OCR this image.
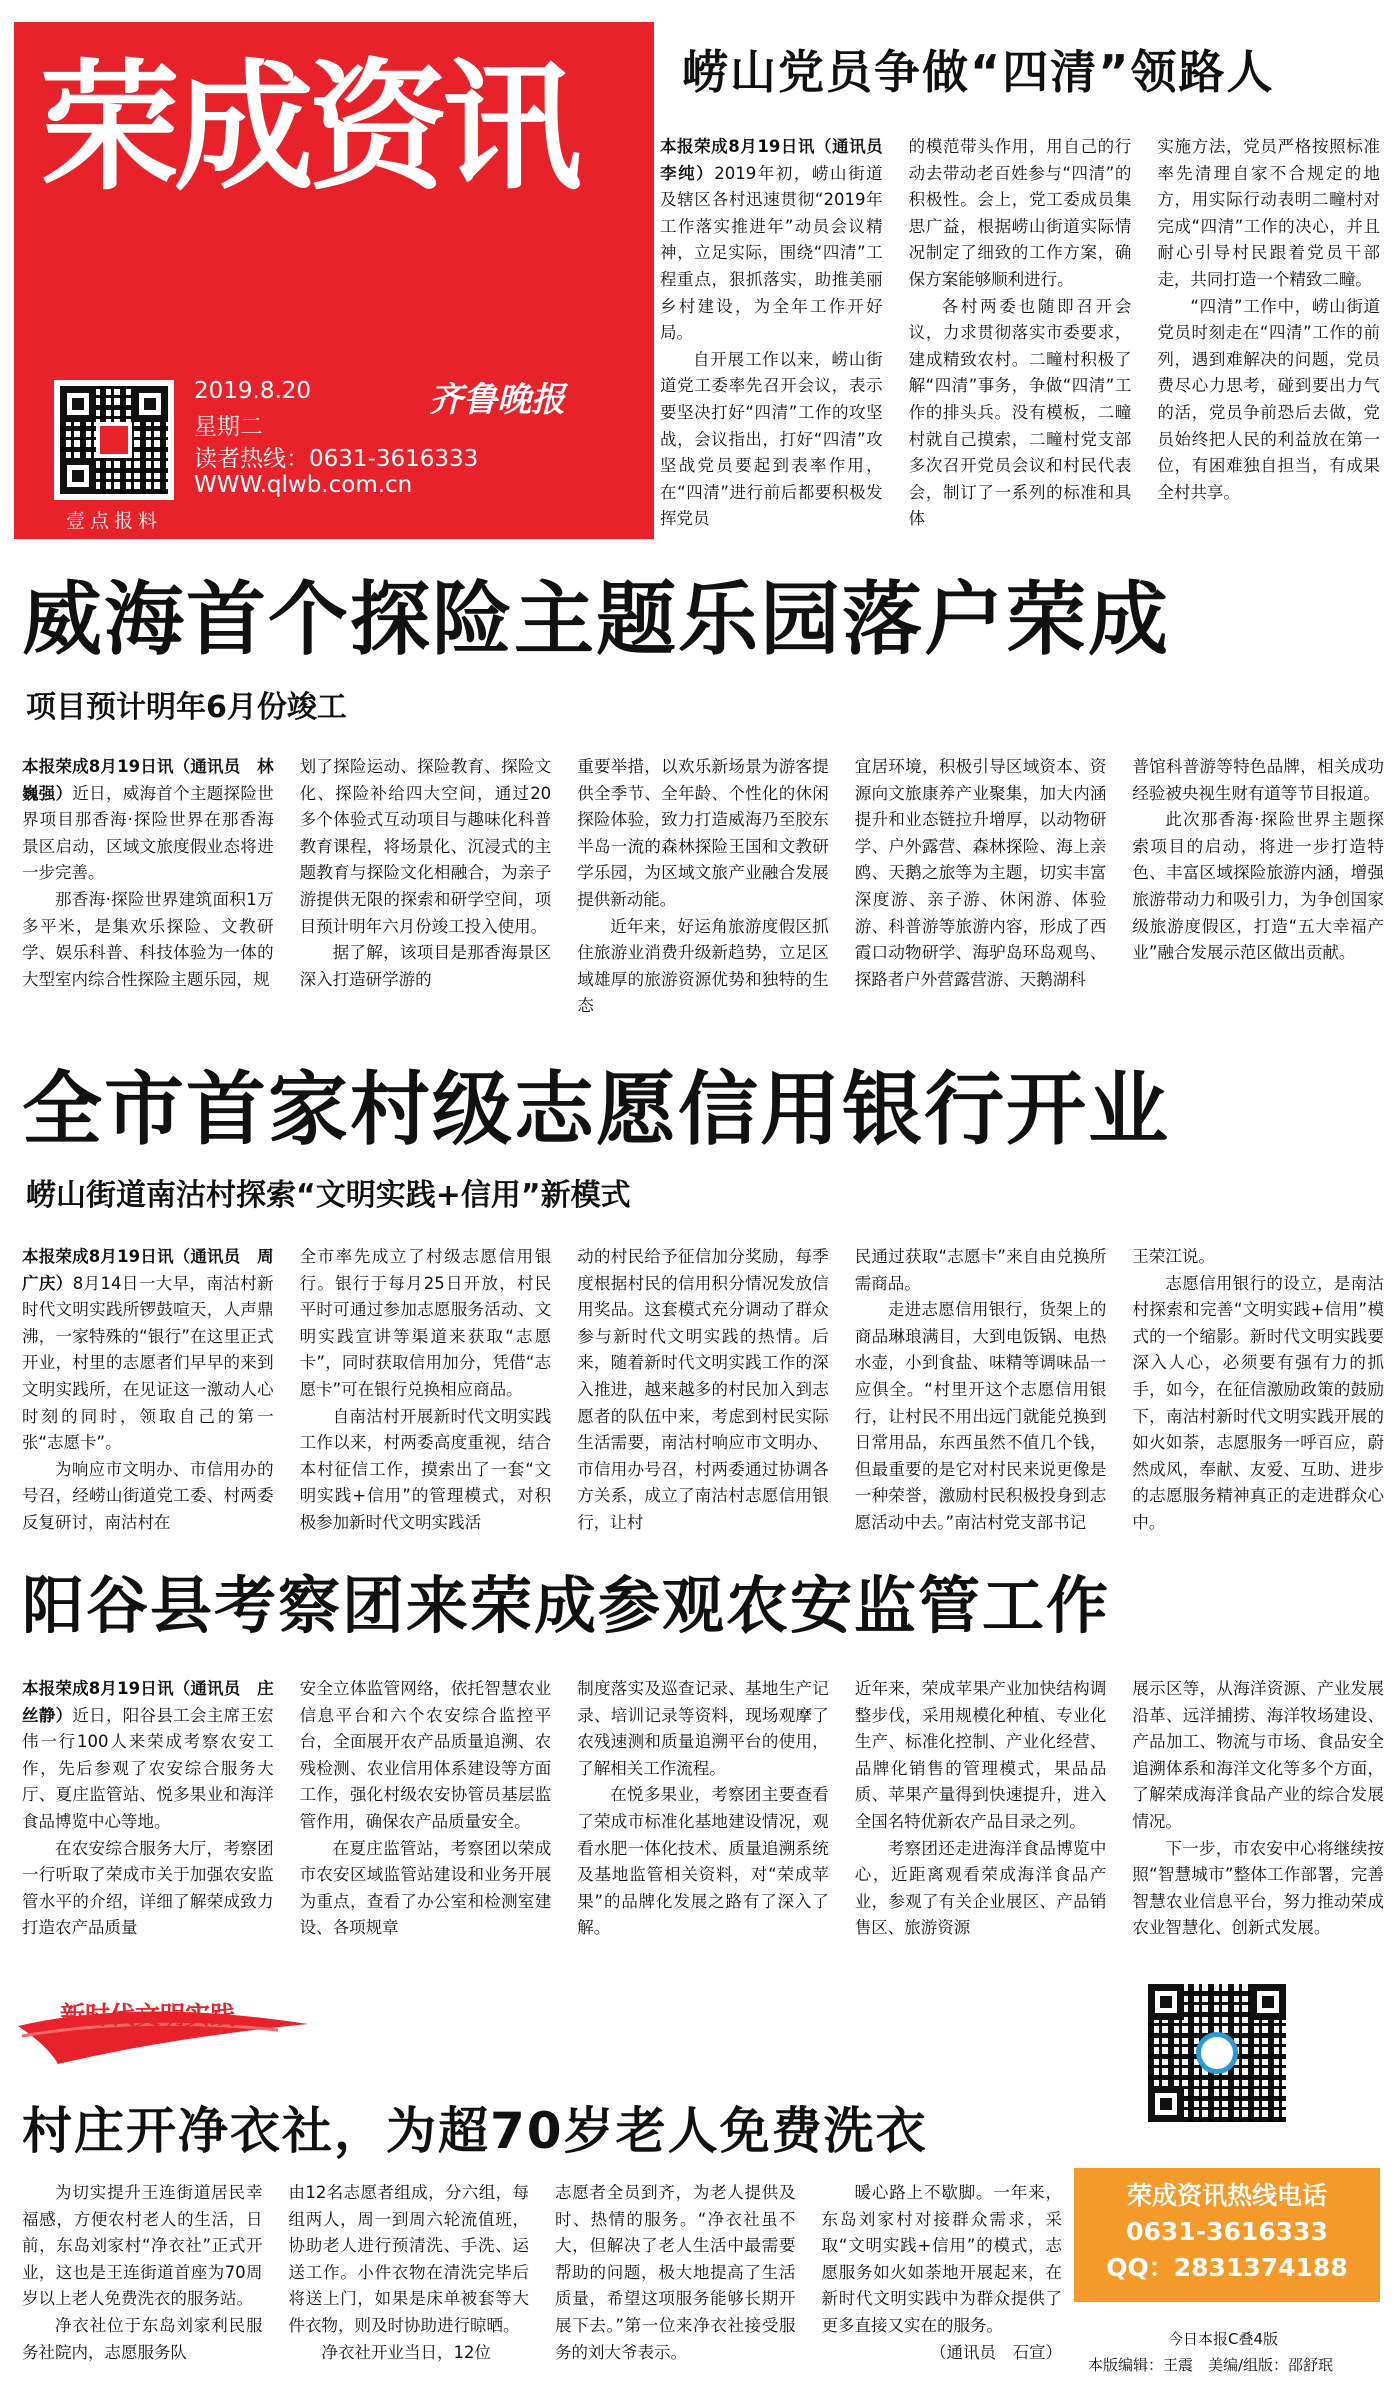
荣成资讯
壹点报料
2019.8.20
星期二
齐鲁晚报
读者热线：0631-3616333
WWW.qlwb.com.cn
崂山党员争做“四清”领路人

本报荣成8月19日讯（通讯员　李纯）2019年初，崂山街道及辖区各村迅速贯彻“2019年工作落实推进年”动员会议精神，立足实际，围绕“四清”工程重点，狠抓落实，助推美丽乡村建设，为全年工作开好局。

自开展工作以来，崂山街道党工委率先召开会议，表示要坚决打好“四清”工作的攻坚战，会议指出，打好“四清”攻坚战党员要起到表率作用，在“四清”进行前后都要积极发挥党员

的模范带头作用，用自己的行动去带动老百姓参与“四清”的积极性。会上，党工委成员集思广益，根据崂山街道实际情况制定了细致的工作方案，确保方案能够顺利进行。

各村两委也随即召开会议，力求贯彻落实市委要求，建成精致农村。二疃村积极了解“四清”事务，争做“四清”工作的排头兵。没有模板，二疃村就自己摸索，二疃村党支部多次召开党员会议和村民代表会，制订了一系列的标准和具体

实施方法，党员严格按照标准率先清理自家不合规定的地方，用实际行动表明二疃村对完成“四清”工作的决心，并且耐心引导村民跟着党员干部走，共同打造一个精致二疃。

“四清”工作中，崂山街道党员时刻走在“四清”工作的前列，遇到难解决的问题，党员费尽心力思考，碰到要出力气的活，党员争前恐后去做，党员始终把人民的利益放在第一位，有困难独自担当，有成果全村共享。

威海首个探险主题乐园落户荣成
项目预计明年6月份竣工

本报荣成8月19日讯（通讯员　林巍强）近日，威海首个主题探险世界项目那香海·探险世界在那香海景区启动，区域文旅度假业态将进一步完善。

那香海·探险世界建筑面积1万多平米，是集欢乐探险、文教研学、娱乐科普、科技体验为一体的大型室内综合性探险主题乐园，规

划了探险运动、探险教育、探险文化、探险补给四大空间，通过20多个体验式互动项目与趣味化科普教育课程，将场景化、沉浸式的主题教育与探险文化相融合，为亲子游提供无限的探索和研学空间，项目预计明年六月份竣工投入使用。

据了解，该项目是那香海景区深入打造研学游的

重要举措，以欢乐新场景为游客提供全季节、全年龄、个性化的休闲探险体验，致力打造威海乃至胶东半岛一流的森林探险王国和文教研学乐园，为区域文旅产业融合发展提供新动能。

近年来，好运角旅游度假区抓住旅游业消费升级新趋势，立足区域雄厚的旅游资源优势和独特的生态

宜居环境，积极引导区域资本、资源向文旅康养产业聚集，加大内涵提升和业态链拉升增厚，以动物研学、户外露营、森林探险、海上亲鸥、天鹅之旅等为主题，切实丰富深度游、亲子游、休闲游、体验游、科普游等旅游内容，形成了西霞口动物研学、海驴岛环岛观鸟、探路者户外营露营游、天鹅湖科

普馆科普游等特色品牌，相关成功经验被央视生财有道等节目报道。

此次那香海·探险世界主题探索项目的启动，将进一步打造特色、丰富区域探险旅游内涵，增强旅游带动力和吸引力，为争创国家级旅游度假区，打造“五大幸福产业”融合发展示范区做出贡献。

全市首家村级志愿信用银行开业
崂山街道南沽村探索“文明实践+信用”新模式

本报荣成8月19日讯（通讯员　周广庆）8月14日一大早，南沽村新时代文明实践所锣鼓喧天，人声鼎沸，一家特殊的“银行”在这里正式开业，村里的志愿者们早早的来到文明实践所，在见证这一激动人心时刻的同时，领取自己的第一张“志愿卡”。

为响应市文明办、市信用办的号召，经崂山街道党工委、村两委反复研讨，南沽村在

全市率先成立了村级志愿信用银行。银行于每月25日开放，村民平时可通过参加志愿服务活动、文明实践宣讲等渠道来获取“志愿卡”，同时获取信用加分，凭借“志愿卡”可在银行兑换相应商品。

自南沽村开展新时代文明实践工作以来，村两委高度重视，结合本村征信工作，摸索出了一套“文明实践+信用”的管理模式，对积极参加新时代文明实践活

动的村民给予征信加分奖励，每季度根据村民的信用积分情况发放信用奖品。这套模式充分调动了群众参与新时代文明实践的热情。后来，随着新时代文明实践工作的深入推进，越来越多的村民加入到志愿者的队伍中来，考虑到村民实际生活需要，南沽村响应市文明办、市信用办号召，村两委通过协调各方关系，成立了南沽村志愿信用银行，让村

民通过获取“志愿卡”来自由兑换所需商品。

走进志愿信用银行，货架上的商品琳琅满目，大到电饭锅、电热水壶，小到食盐、味精等调味品一应俱全。“村里开这个志愿信用银行，让村民不用出远门就能兑换到日常用品，东西虽然不值几个钱，但最重要的是它对村民来说更像是一种荣誉，激励村民积极投身到志愿活动中去。”南沽村党支部书记

王荣江说。

志愿信用银行的设立，是南沽村探索和完善“文明实践+信用”模式的一个缩影。新时代文明实践要深入人心，必须要有强有力的抓手，如今，在征信激励政策的鼓励下，南沽村新时代文明实践开展的如火如荼，志愿服务一呼百应，蔚然成风，奉献、友爱、互助、进步的志愿服务精神真正的走进群众心中。

阳谷县考察团来荣成参观农安监管工作

本报荣成8月19日讯（通讯员　庄丝静）近日，阳谷县工会主席王宏伟一行100人来荣成考察农安工作，先后参观了农安综合服务大厅、夏庄监管站、悦多果业和海洋食品博览中心等地。

在农安综合服务大厅，考察团一行听取了荣成市关于加强农安监管水平的介绍，详细了解荣成致力打造农产品质量

安全立体监管网络，依托智慧农业信息平台和六个农安综合监控平台，全面展开农产品质量追溯、农残检测、农业信用体系建设等方面工作，强化村级农安协管员基层监管作用，确保农产品质量安全。

在夏庄监管站，考察团以荣成市农安区域监管站建设和业务开展为重点，查看了办公室和检测室建设、各项规章

制度落实及巡查记录、基地生产记录、培训记录等资料，现场观摩了农残速测和质量追溯平台的使用，了解相关工作流程。

在悦多果业，考察团主要查看了荣成市标准化基地建设情况，观看水肥一体化技术、质量追溯系统及基地监管相关资料，对“荣成苹果”的品牌化发展之路有了深入了解。

近年来，荣成苹果产业加快结构调整步伐，采用规模化种植、专业化生产、标准化控制、产业化经营、品牌化销售的管理模式，果品品质、苹果产量得到快速提升，进入全国名特优新农产品目录之列。

考察团还走进海洋食品博览中心，近距离观看荣成海洋食品产业，参观了有关企业展区、产品销售区、旅游资源

展示区等，从海洋资源、产业发展沿革、远洋捕捞、海洋牧场建设、产品加工、物流与市场、食品安全追溯体系和海洋文化等多个方面，了解荣成海洋食品产业的综合发展情况。

下一步，市农安中心将继续按照“智慧城市”整体工作部署，完善智慧农业信息平台，努力推动荣成农业智慧化、创新式发展。

新时代文明实践
村庄开净衣社，为超70岁老人免费洗衣

为切实提升王连街道居民幸福感，方便农村老人的生活，日前，东岛刘家村“净衣社”正式开业，这也是王连街道首座为70周岁以上老人免费洗衣的服务站。

净衣社位于东岛刘家利民服务社院内，志愿服务队

由12名志愿者组成，分六组，每组两人，周一到周六轮流值班，协助老人进行预清洗、手洗、运送工作。小件衣物在清洗完毕后将送上门，如果是床单被套等大件衣物，则及时协助进行晾晒。

净衣社开业当日，12位

志愿者全员到齐，为老人提供及时、热情的服务。“净衣社虽不大，但解决了老人生活中最需要帮助的问题，极大地提高了生活质量，希望这项服务能够长期开展下去。”第一位来净衣社接受服务的刘大爷表示。

暖心路上不歇脚。一年来，东岛刘家村对接群众需求，采取“文明实践+信用”的模式，志愿服务如火如荼地开展起来，在新时代文明实践中为群众提供了更多直接又实在的服务。

（通讯员　石宣）

荣成资讯热线电话
0631-3616333
QQ：2831374188
今日本报C叠4版
本版编辑：王震　美编/组版：邵舒珉
